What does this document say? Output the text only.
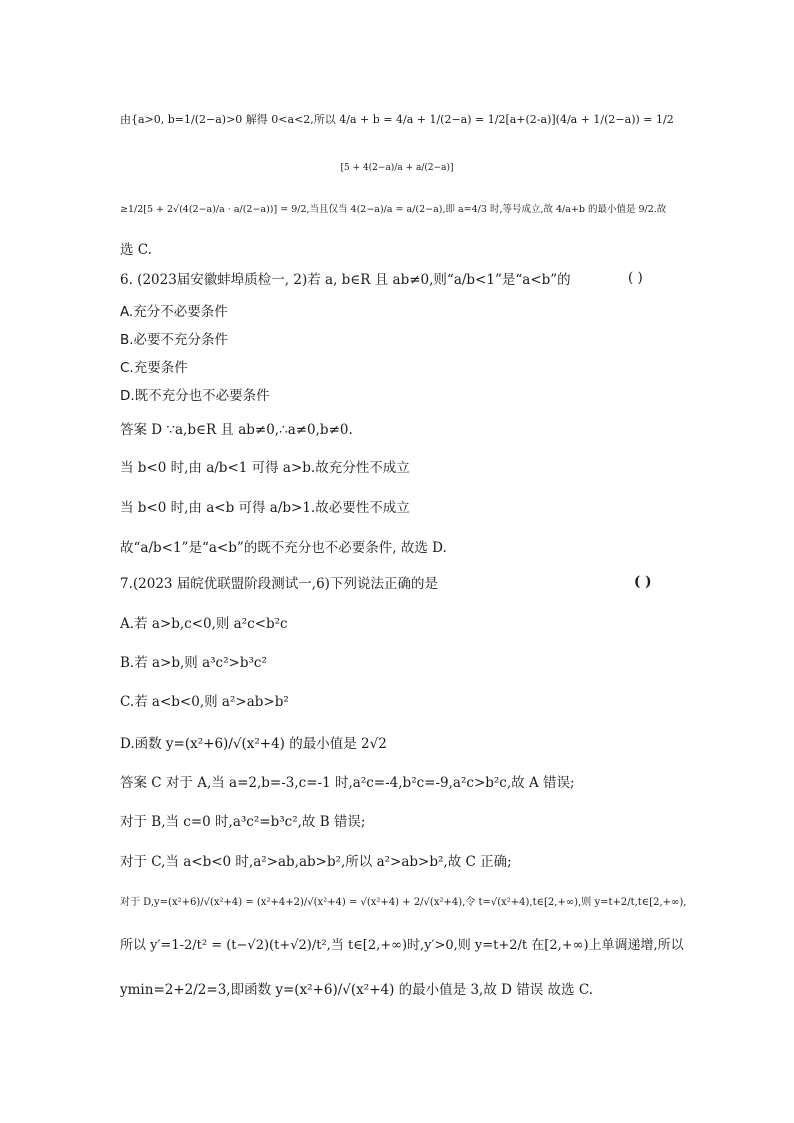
由{a>0, b=1/(2−a)>0 解得 0<a<2,所以 4/a + b = 4/a + 1/(2−a) = 1/2[a+(2-a)](4/a + 1/(2−a)) = 1/2
[5 + 4(2−a)/a + a/(2−a)]
≥1/2[5 + 2√(4(2−a)/a · a/(2−a))] = 9/2,当且仅当 4(2−a)/a = a/(2−a),即 a=4/3 时,等号成立,故 4/a+b 的最小值是 9/2.故
选 C.
6. (2023届安徽蚌埠质检一, 2)若 a, b∈R 且 ab≠0,则“a/b<1”是“a<b”的	( )
A.充分不必要条件
B.必要不充分条件
C.充要条件
D.既不充分也不必要条件
答案 D ∵a,b∈R 且 ab≠0,∴a≠0,b≠0.
当 b<0 时,由 a/b<1 可得 a>b.故充分性不成立
当 b<0 时,由 a<b 可得 a/b>1.故必要性不成立
故“a/b<1”是“a<b”的既不充分也不必要条件, 故选 D.
7.(2023 届皖优联盟阶段测试一,6)下列说法正确的是	( )
A.若 a>b,c<0,则 a²c<b²c
B.若 a>b,则 a³c²>b³c²
C.若 a<b<0,则 a²>ab>b²
D.函数 y=(x²+6)/√(x²+4) 的最小值是 2√2
答案 C 对于 A,当 a=2,b=-3,c=-1 时,a²c=-4,b²c=-9,a²c>b²c,故 A 错误;
对于 B,当 c=0 时,a³c²=b³c²,故 B 错误;
对于 C,当 a<b<0 时,a²>ab,ab>b²,所以 a²>ab>b²,故 C 正确;
对于 D,y=(x²+6)/√(x²+4) = (x²+4+2)/√(x²+4) = √(x²+4) + 2/√(x²+4),令 t=√(x²+4),t∈[2,+∞),则 y=t+2/t,t∈[2,+∞),
所以 y′=1-2/t² = (t−√2)(t+√2)/t²,当 t∈[2,+∞)时,y′>0,则 y=t+2/t 在[2,+∞)上单调递增,所以
ymin=2+2/2=3,即函数 y=(x²+6)/√(x²+4) 的最小值是 3,故 D 错误 故选 C.
